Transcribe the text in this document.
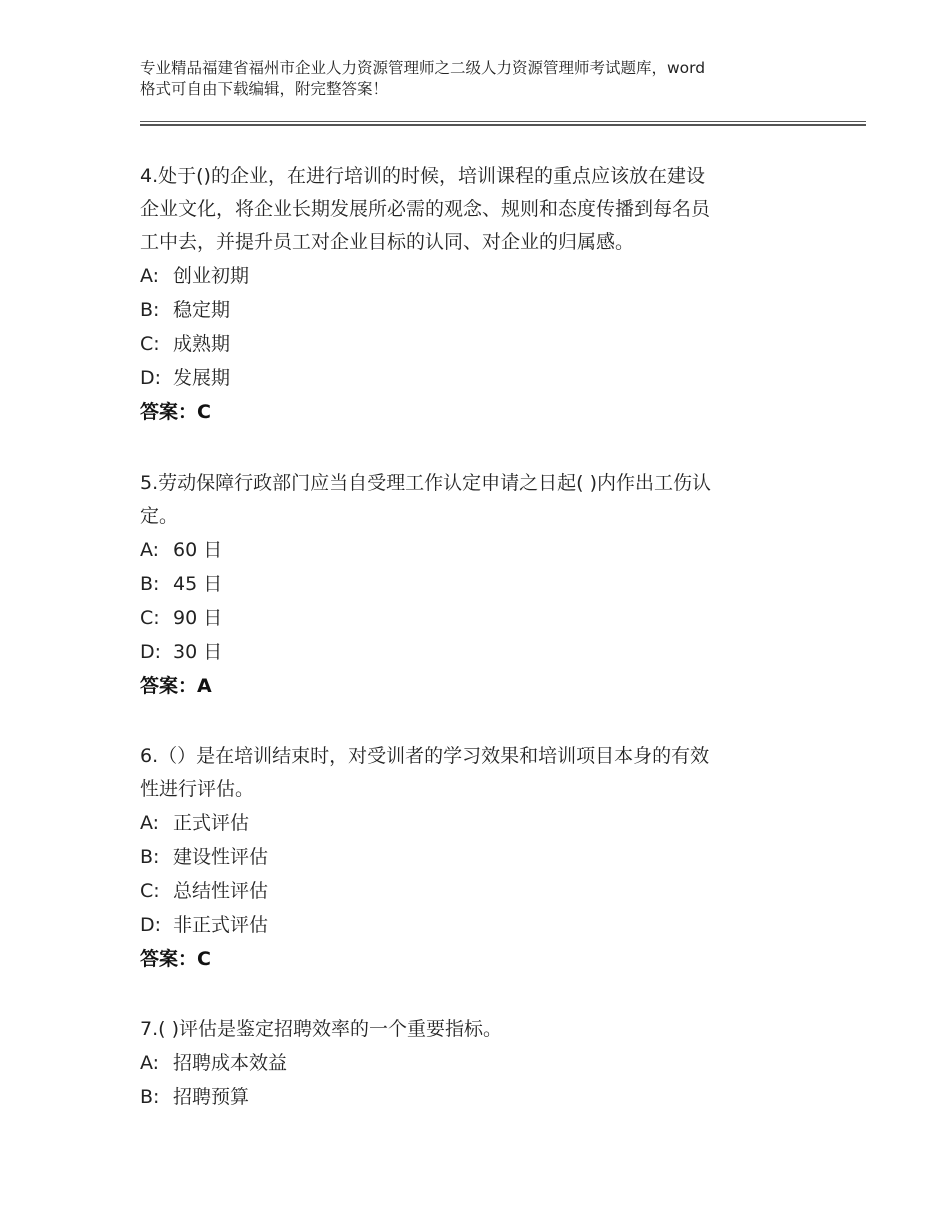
专业精品福建省福州市企业人力资源管理师之二级人力资源管理师考试题库，word
格式可自由下载编辑，附完整答案！

4.处于()的企业，在进行培训的时候，培训课程的重点应该放在建设

企业文化，将企业长期发展所必需的观念、规则和态度传播到每名员

工中去，并提升员工对企业目标的认同、对企业的归属感。

A: 创业初期

B: 稳定期

C: 成熟期

D: 发展期

答案：C

5.劳动保障行政部门应当自受理工作认定申请之日起( )内作出工伤认

定。

A: 60 日

B: 45 日

C: 90 日

D: 30 日

答案：A

6.（）是在培训结束时，对受训者的学习效果和培训项目本身的有效

性进行评估。

A: 正式评估

B: 建设性评估

C: 总结性评估

D: 非正式评估

答案：C

7.( )评估是鉴定招聘效率的一个重要指标。

A: 招聘成本效益

B: 招聘预算
